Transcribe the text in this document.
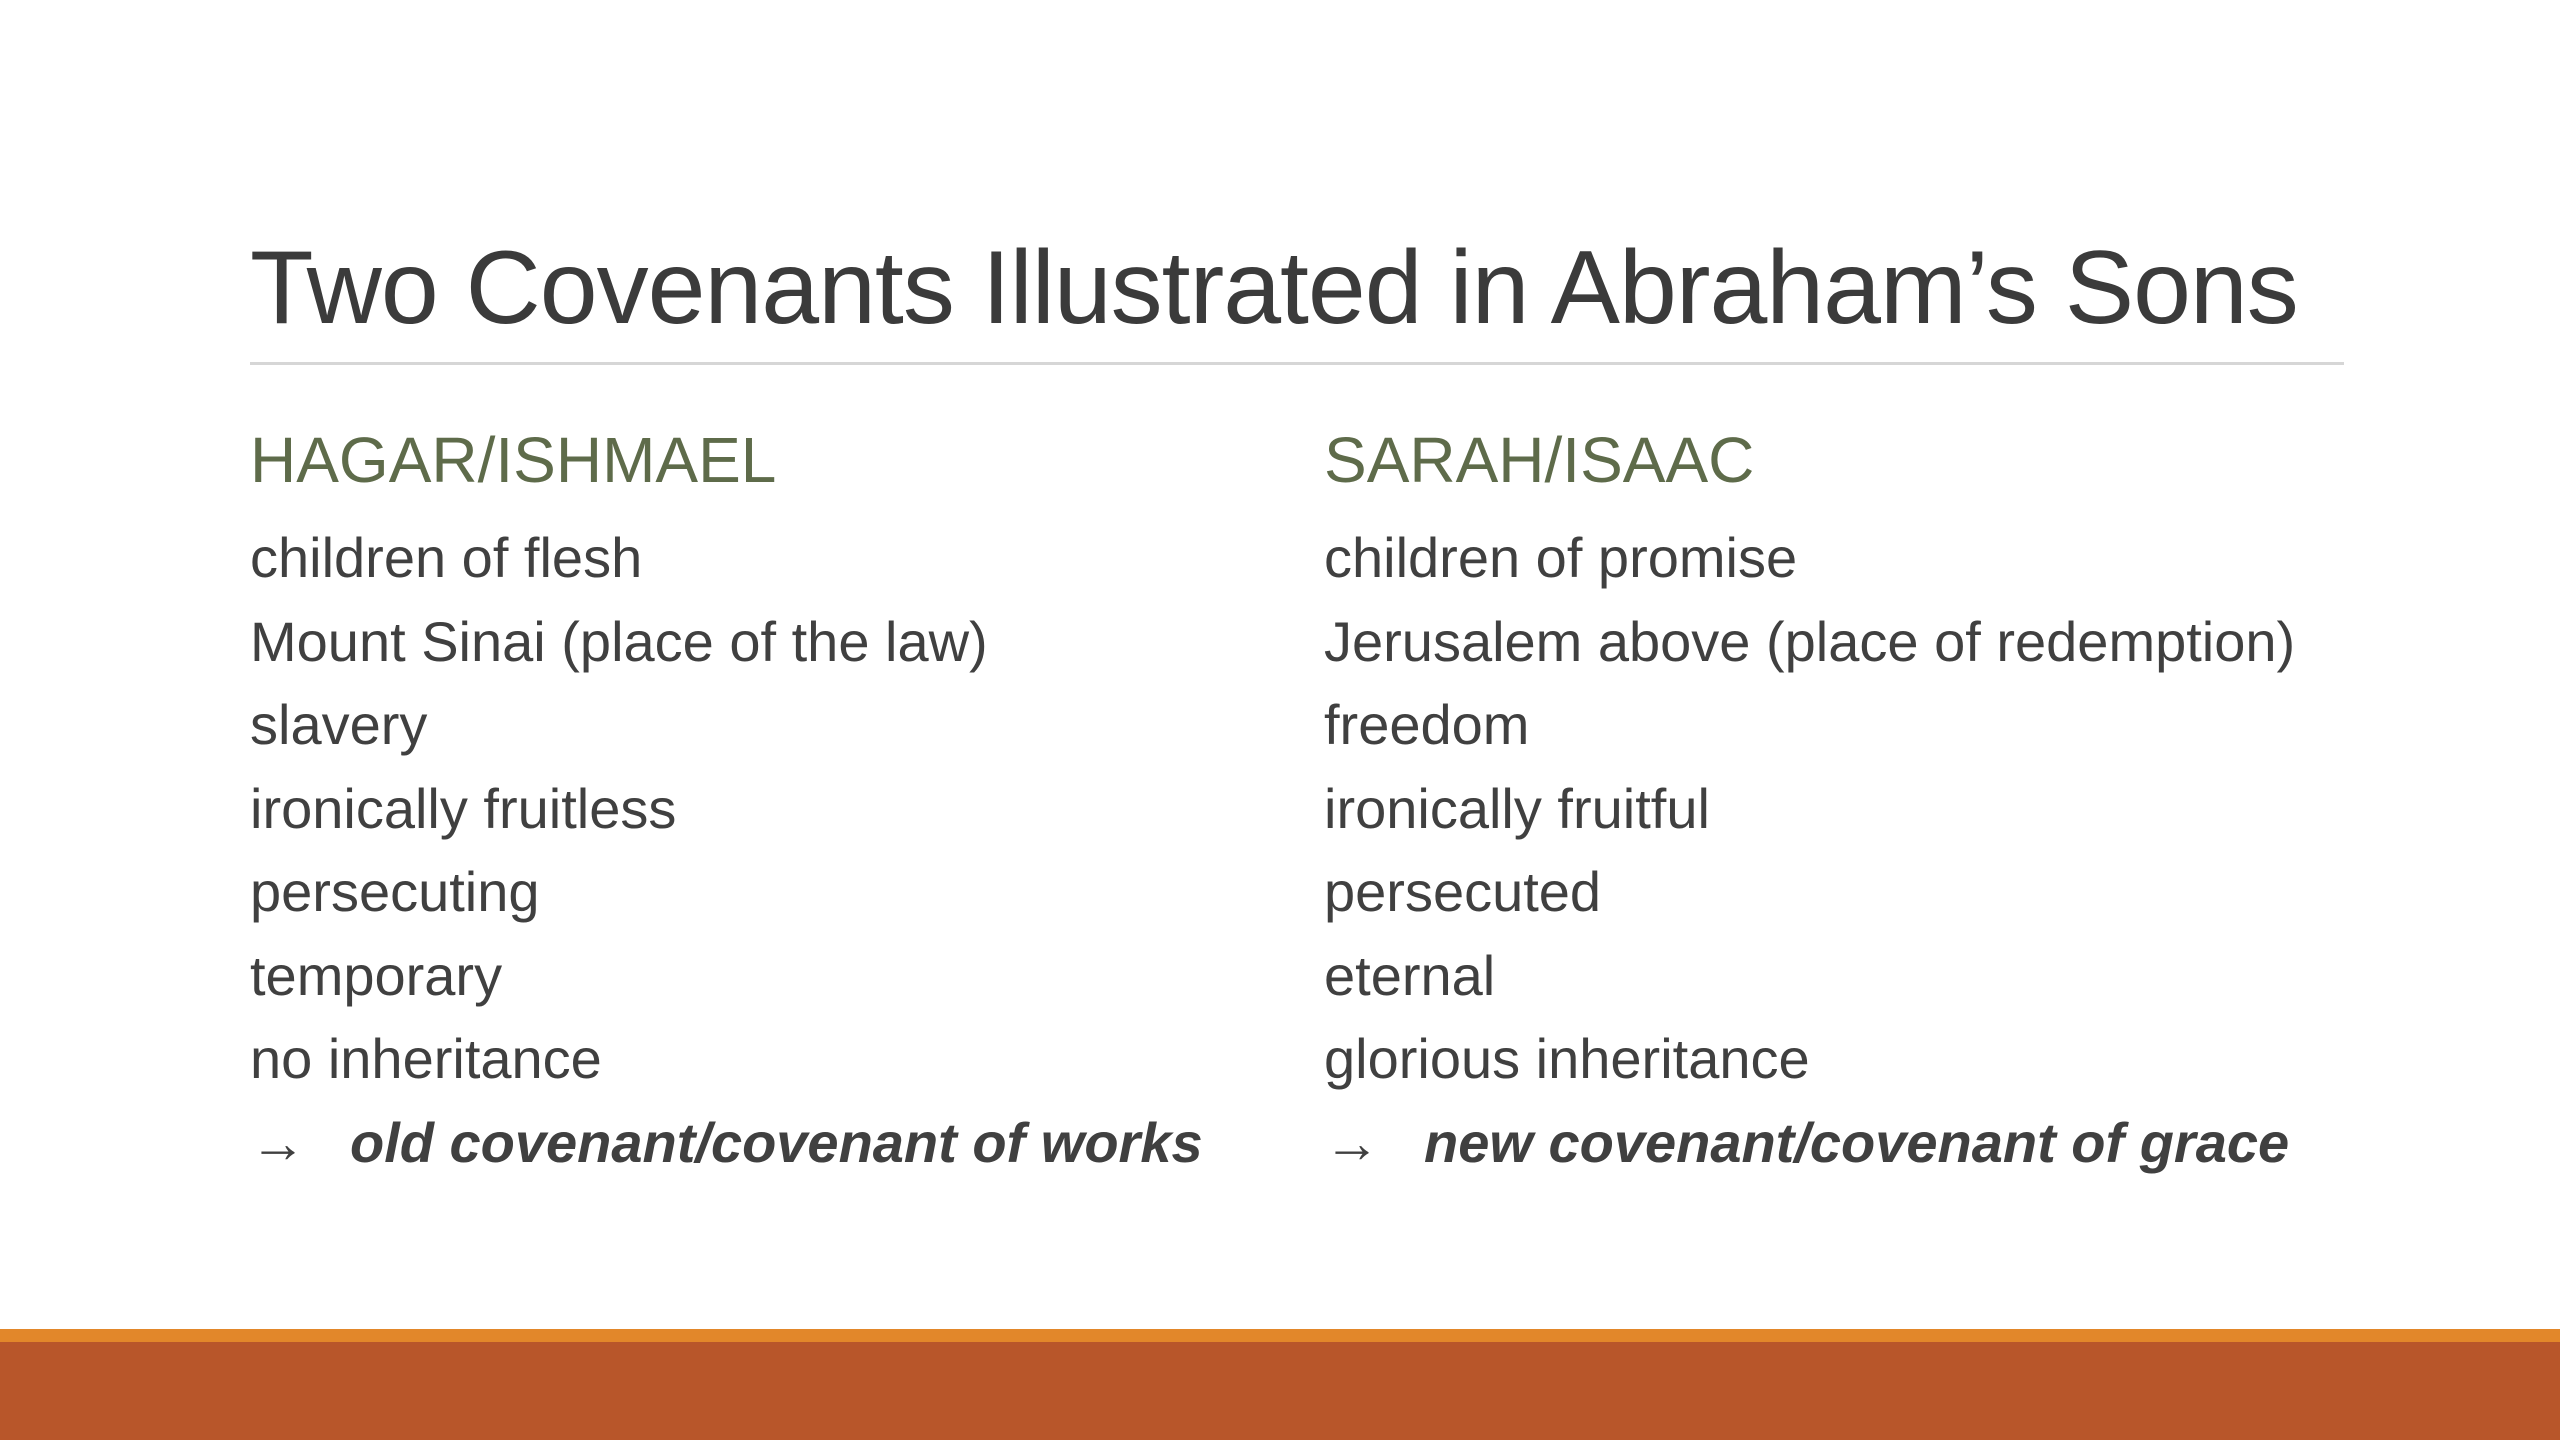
Two Covenants Illustrated in Abraham’s Sons
HAGAR/ISHMAEL
children of flesh
Mount Sinai (place of the law)
slavery
ironically fruitless
persecuting
temporary
no inheritance
→ old covenant/covenant of works
SARAH/ISAAC
children of promise
Jerusalem above (place of redemption)
freedom
ironically fruitful
persecuted
eternal
glorious inheritance
→ new covenant/covenant of grace
